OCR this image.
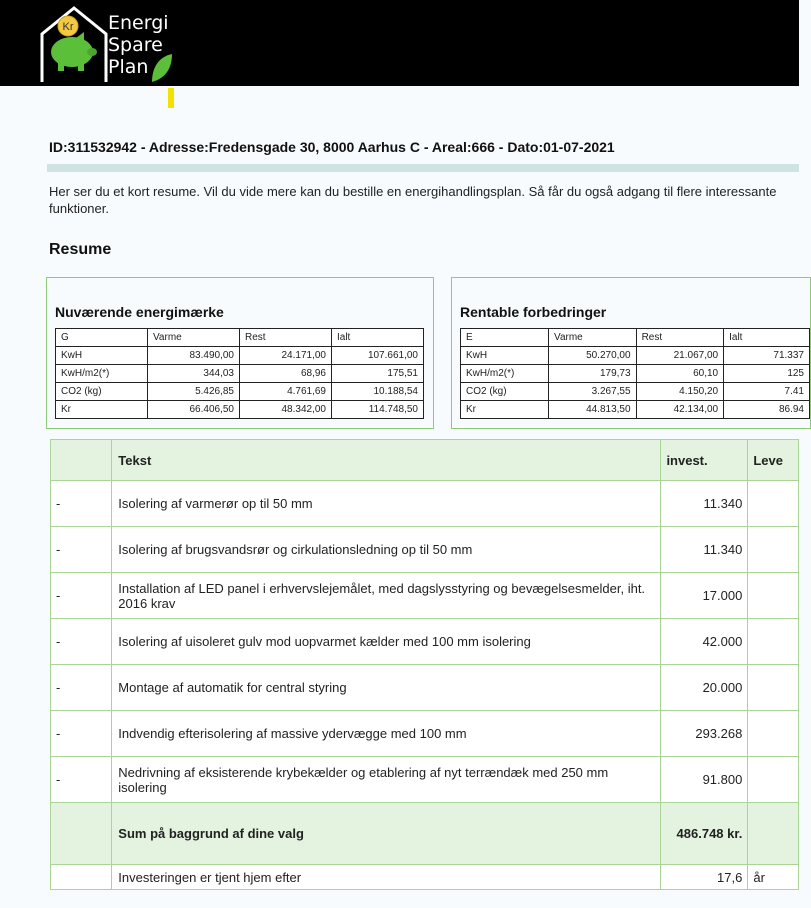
Kr Energi
Spare
Plan
ID:311532942 - Adresse:Fredensgade 30, 8000 Aarhus C - Areal:666 - Dato:01-07-2021
Her ser du et kort resume. Vil du vide mere kan du bestille en energihandlingsplan. Så får du også adgang til flere interessante funktioner.
Resume
Nuværende energimærke
G	Varme	Rest	Ialt
KwH	83.490,00	24.171,00	107.661,00
KwH/m2(*)	344,03	68,96	175,51
CO2 (kg)	5.426,85	4.761,69	10.188,54
Kr	66.406,50	48.342,00	114.748,50
Rentable forbedringer
E	Varme	Rest	Ialt
KwH	50.270,00	21.067,00	71.337
KwH/m2(*)	179,73	60,10	125
CO2 (kg)	3.267,55	4.150,20	7.41
Kr	44.813,50	42.134,00	86.94
	Tekst	invest.	Leve
-	Isolering af varmerør op til 50 mm	11.340	
-	Isolering af brugsvandsrør og cirkulationsledning op til 50 mm	11.340	
-	Installation af LED panel i erhvervslejemålet, med dagslysstyring og bevægelsesmelder, iht. 2016 krav	17.000	
-	Isolering af uisoleret gulv mod uopvarmet kælder med 100 mm isolering	42.000	
-	Montage af automatik for central styring	20.000	
-	Indvendig efterisolering af massive ydervægge med 100 mm	293.268	
-	Nedrivning af eksisterende krybekælder og etablering af nyt terrændæk med 250 mm isolering	91.800	
	Sum på baggrund af dine valg	486.748 kr.	
	Investeringen er tjent hjem efter	17,6	år
